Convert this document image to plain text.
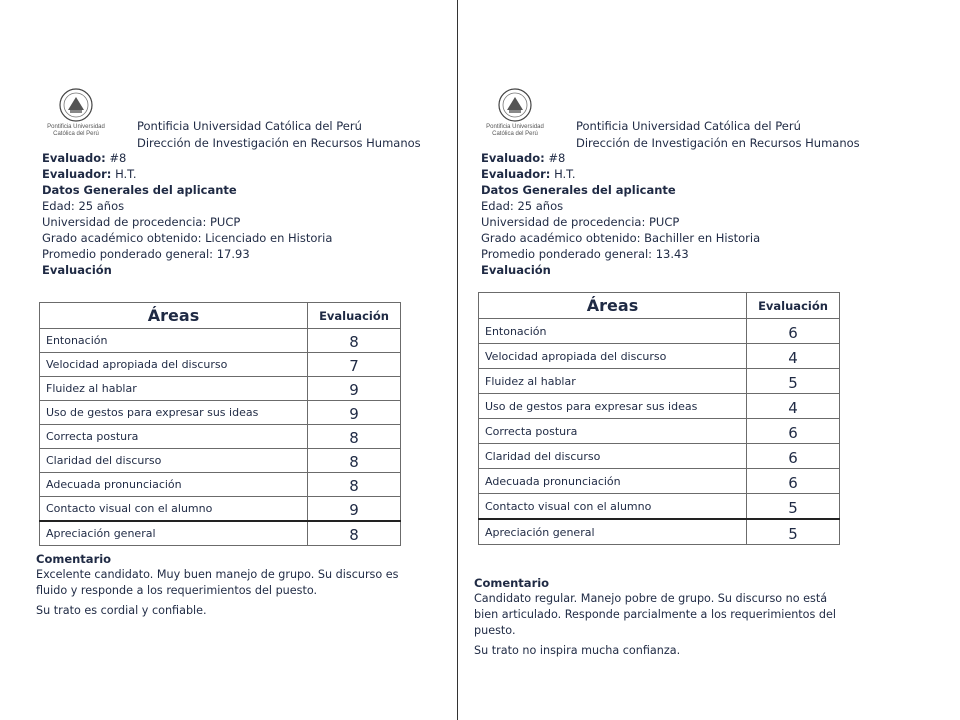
Pontificia Universidad Católica del Perú
Pontificia Universidad Católica del Perú
Dirección de Investigación en Recursos Humanos
Evaluado: #8
Evaluador: H.T.
Datos Generales del aplicante
Edad: 25 años
Universidad de procedencia: PUCP
Grado académico obtenido: Licenciado en Historia
Promedio ponderado general: 17.93
Evaluación
Áreas	Evaluación
Entonación	8
Velocidad apropiada del discurso	7
Fluidez al hablar	9
Uso de gestos para expresar sus ideas	9
Correcta postura	8
Claridad del discurso	8
Adecuada pronunciación	8
Contacto visual con el alumno	9
Apreciación general	8
Comentario
Excelente candidato. Muy buen manejo de grupo. Su discurso es fluido y responde a los requerimientos del puesto.
Su trato es cordial y confiable.
Pontificia Universidad Católica del Perú
Pontificia Universidad Católica del Perú
Dirección de Investigación en Recursos Humanos
Evaluado: #8
Evaluador: H.T.
Datos Generales del aplicante
Edad: 25 años
Universidad de procedencia: PUCP
Grado académico obtenido: Bachiller en Historia
Promedio ponderado general: 13.43
Evaluación
Áreas	Evaluación
Entonación	6
Velocidad apropiada del discurso	4
Fluidez al hablar	5
Uso de gestos para expresar sus ideas	4
Correcta postura	6
Claridad del discurso	6
Adecuada pronunciación	6
Contacto visual con el alumno	5
Apreciación general	5
Comentario
Candidato regular. Manejo pobre de grupo. Su discurso no está bien articulado. Responde parcialmente a los requerimientos del puesto.
Su trato no inspira mucha confianza.
